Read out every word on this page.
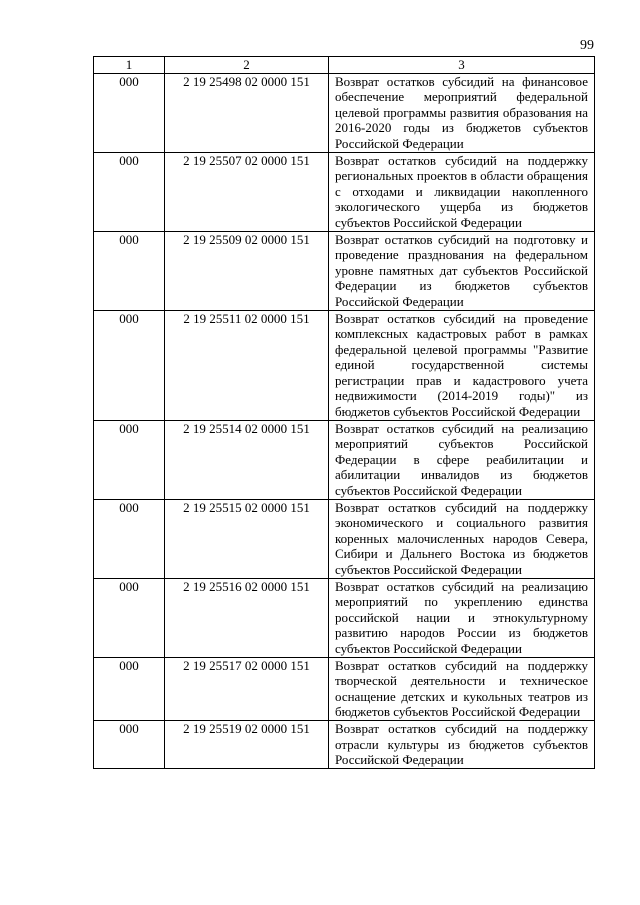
99
1	2	3
000	2 19 25498 02 0000 151	Возврат остатков субсидий на финансовое обеспечение мероприятий федеральной целевой программы развития образования на 2016-2020 годы из бюджетов субъектов Российской Федерации
000	2 19 25507 02 0000 151	Возврат остатков субсидий на поддержку региональных проектов в области обращения с отходами и ликвидации накопленного экологического ущерба из бюджетов субъектов Российской Федерации
000	2 19 25509 02 0000 151	Возврат остатков субсидий на подготовку и проведение празднования на федеральном уровне памятных дат субъектов Российской Федерации из бюджетов субъектов Российской Федерации
000	2 19 25511 02 0000 151	Возврат остатков субсидий на проведение комплексных кадастровых работ в рамках федеральной целевой программы "Развитие единой государственной системы регистрации прав и кадастрового учета недвижимости (2014-2019 годы)" из бюджетов субъектов Российской Федерации
000	2 19 25514 02 0000 151	Возврат остатков субсидий на реализацию мероприятий субъектов Российской Федерации в сфере реабилитации и абилитации инвалидов из бюджетов субъектов Российской Федерации
000	2 19 25515 02 0000 151	Возврат остатков субсидий на поддержку экономического и социального развития коренных малочисленных народов Севера, Сибири и Дальнего Востока из бюджетов субъектов Российской Федерации
000	2 19 25516 02 0000 151	Возврат остатков субсидий на реализацию мероприятий по укреплению единства российской нации и этнокультурному развитию народов России из бюджетов субъектов Российской Федерации
000	2 19 25517 02 0000 151	Возврат остатков субсидий на поддержку творческой деятельности и техническое оснащение детских и кукольных театров из бюджетов субъектов Российской Федерации
000	2 19 25519 02 0000 151	Возврат остатков субсидий на поддержку отрасли культуры из бюджетов субъектов Российской Федерации
